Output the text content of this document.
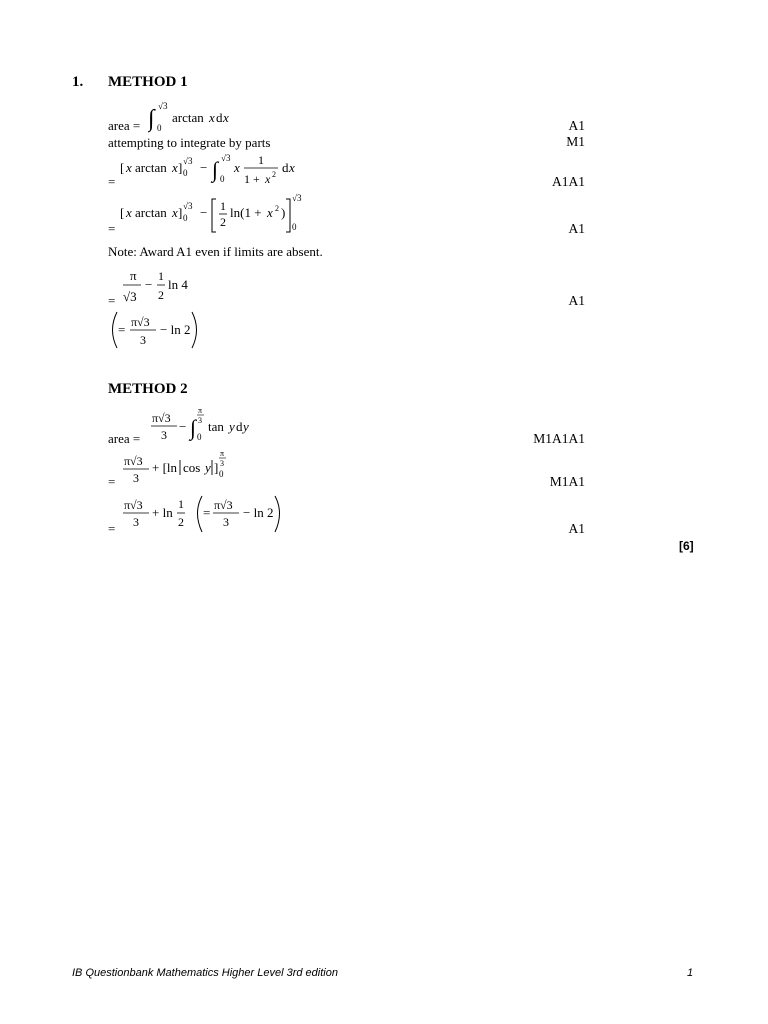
1. METHOD 1
area = ∫ 0
√3
arctan x d x
A1
attempting to integrate by parts	M1
=
[ x arctan x ] 0
√3 − ∫ 0
√3
x 1
1 + x 2 d x
A1A1
=
[ x arctan x ] 0
√3 − 1
2
ln(1 + x 2 )
0
√3
A1
Note: Award A1 even if limits are absent.
=
π
√3
−
1
2
ln 4
A1
= π√3
3
− ln 2
METHOD 2
area =
π√3
3
− ∫ 0
π
3 tan y d y
M1A1A1
=
π√3
3
+ [ln cos y ] 0
π
3
M1A1
=
π√3
3
+ ln
1
2
= π√3
3
− ln 2
A1
[6]
IB Questionbank Mathematics Higher Level 3rd edition	1
